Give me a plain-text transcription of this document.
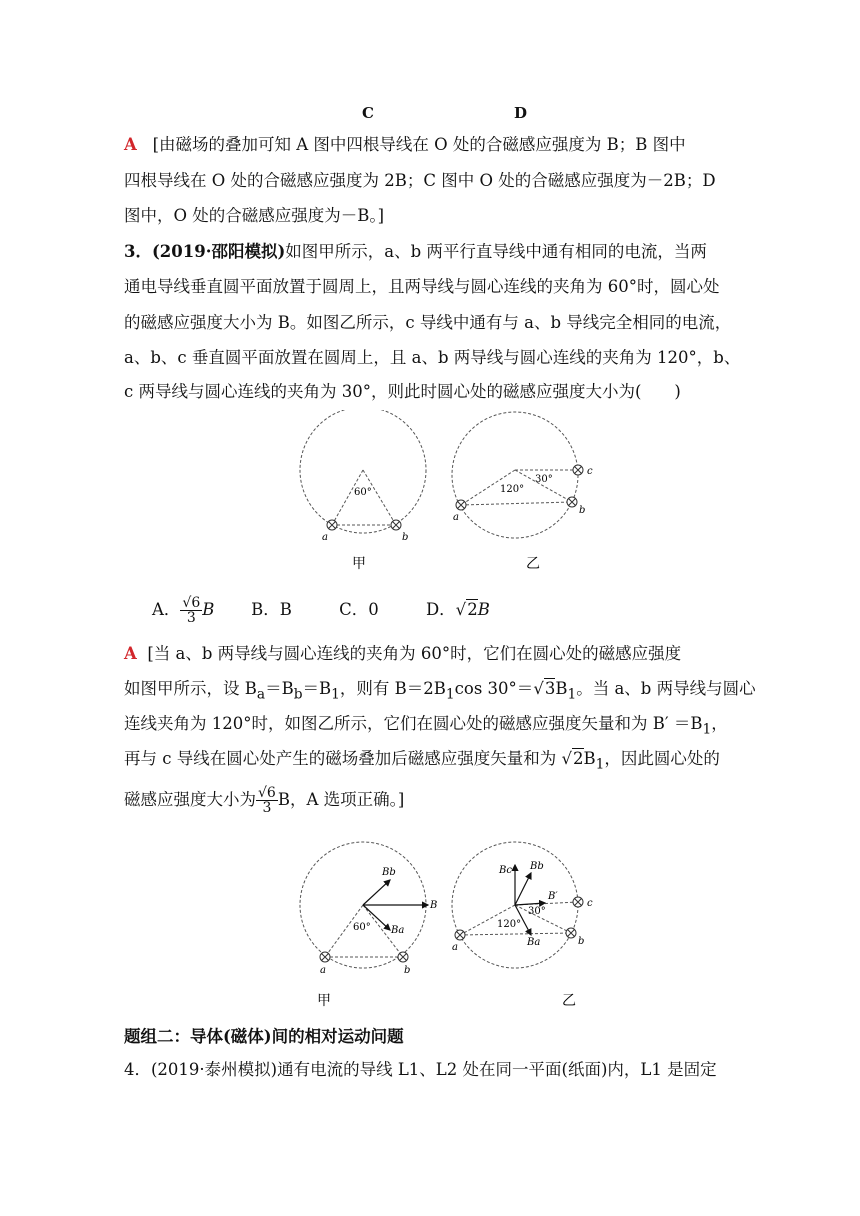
C	D
A [由磁场的叠加可知 A 图中四根导线在 O 处的合磁感应强度为 B；B 图中
四根导线在 O 处的合磁感应强度为 2B；C 图中 O 处的合磁感应强度为－2B；D
图中，O 处的合磁感应强度为－B。]
3．(2019·邵阳模拟)如图甲所示，a、b 两平行直导线中通有相同的电流，当两
通电导线垂直圆平面放置于圆周上，且两导线与圆心连线的夹角为 60°时，圆心处
的磁感应强度大小为 B。如图乙所示，c 导线中通有与 a、b 导线完全相同的电流，
a、b、c 垂直圆平面放置在圆周上，且 a、b 两导线与圆心连线的夹角为 120°，b、
c 两导线与圆心连线的夹角为 30°，则此时圆心处的磁感应强度大小为(　　)
60°	120°
30°
a	b
a
b
c
甲	乙
A． $\frac{√6}{3}$ B B．B	C．0	D．√2B
A [当 a、b 两导线与圆心连线的夹角为 60°时，它们在圆心处的磁感应强度
如图甲所示，设 $B_a=B_b=B_1$，则有 $B=2B_1\cos$ $30^\circ=√3B_1$。当 a、b 两导线与圆心
连线夹角为 120°时，如图乙所示，它们在圆心处的磁感应强度矢量和为 $B' =B_1$，
再与 c 导线在圆心处产生的磁场叠加后磁感应强度矢量和为 $√2B_1$，因此圆心处的
磁感应强度大小为 $\frac{√6}{3}$ B，A 选项正确。]
Bb
Ba
B
60°
a	b
Bc Bb
B′
Ba
120°
30°
a
b
c
甲	乙
题组二：导体(磁体)间的相对运动问题
4．(2019·泰州模拟)通有电流的导线 L1、L2 处在同一平面(纸面)内，L1 是固定
